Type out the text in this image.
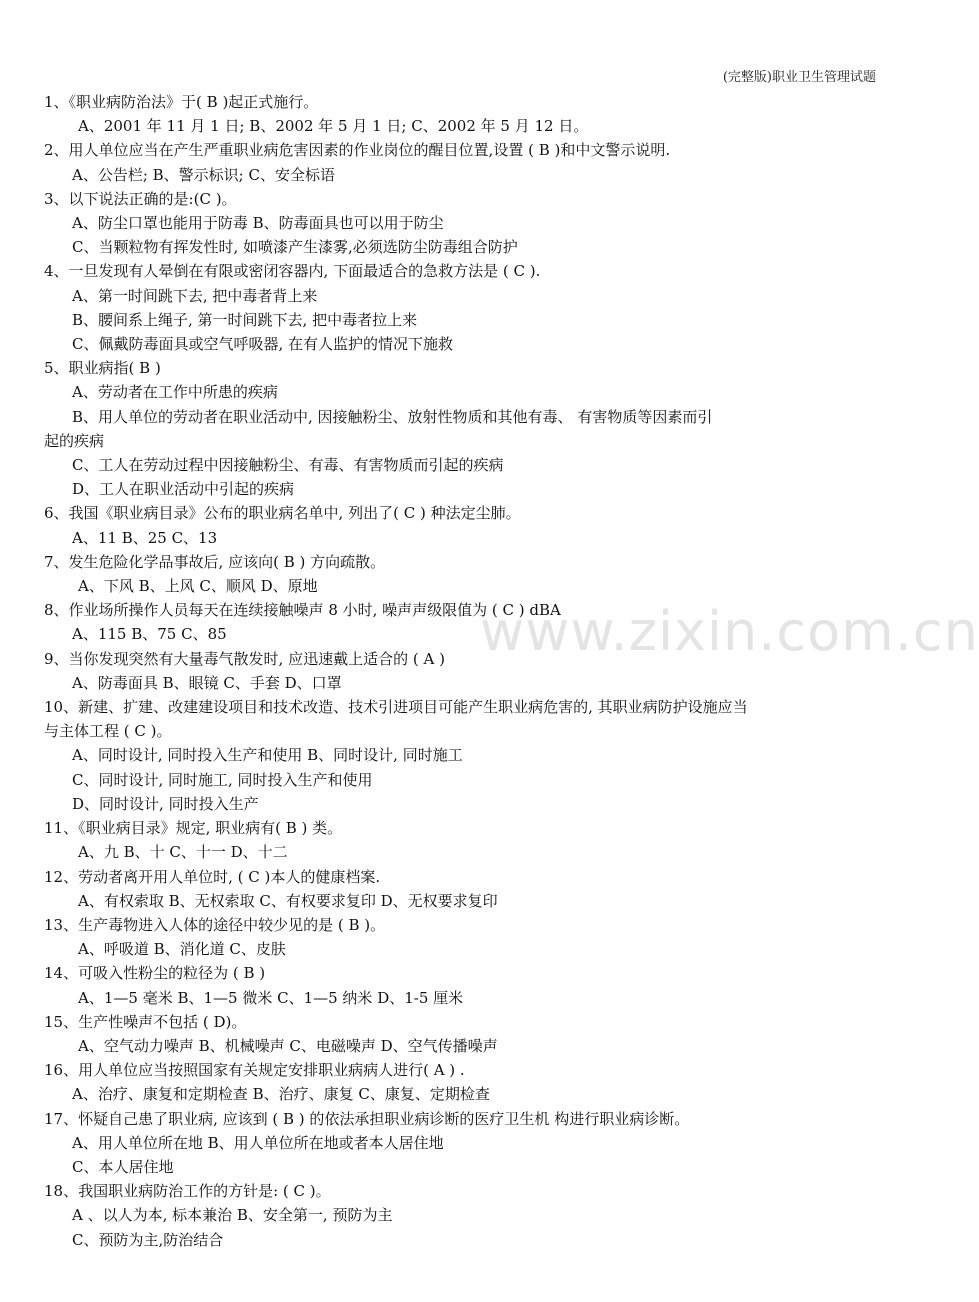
(完整版)职业卫生管理试题
www.zixin.com.cn
1、《职业病防治法》于( B )起正式施行。
A、2001 年 11 月 1 日; B、2002 年 5 月 1 日; C、2002 年 5 月 12 日。
2、用人单位应当在产生严重职业病危害因素的作业岗位的醒目位置,设置 ( B )和中文警示说明.
A、公告栏; B、警示标识; C、安全标语
3、以下说法正确的是:(C )。
A、防尘口罩也能用于防毒 B、防毒面具也可以用于防尘
C、当颗粒物有挥发性时, 如喷漆产生漆雾,必须选防尘防毒组合防护
4、一旦发现有人晕倒在有限或密闭容器内, 下面最适合的急救方法是 ( C ).
A、第一时间跳下去, 把中毒者背上来
B、腰间系上绳子, 第一时间跳下去, 把中毒者拉上来
C、佩戴防毒面具或空气呼吸器, 在有人监护的情况下施救
5、职业病指( B )
A、劳动者在工作中所患的疾病
B、用人单位的劳动者在职业活动中, 因接触粉尘、放射性物质和其他有毒、 有害物质等因素而引
起的疾病
C、工人在劳动过程中因接触粉尘、有毒、有害物质而引起的疾病
D、工人在职业活动中引起的疾病
6、我国《职业病目录》公布的职业病名单中, 列出了( C ) 种法定尘肺。
A、11 B、25 C、13
7、发生危险化学品事故后, 应该向( B ) 方向疏散。
A、下风 B、上风 C、顺风 D、原地
8、作业场所操作人员每天在连续接触噪声 8 小时, 噪声声级限值为 ( C ) dBA
A、115 B、75 C、85
9、当你发现突然有大量毒气散发时, 应迅速戴上适合的 ( A )
A、防毒面具 B、眼镜 C、手套 D、口罩
10、新建、扩建、改建建设项目和技术改造、技术引进项目可能产生职业病危害的, 其职业病防护设施应当
与主体工程 ( C )。
A、同时设计, 同时投入生产和使用 B、同时设计, 同时施工
C、同时设计, 同时施工, 同时投入生产和使用
D、同时设计, 同时投入生产
11、《职业病目录》规定, 职业病有( B ) 类。
A、九 B、十 C、十一 D、十二
12、劳动者离开用人单位时, ( C )本人的健康档案.
A、有权索取 B、无权索取 C、有权要求复印 D、无权要求复印
13、生产毒物进入人体的途径中较少见的是 ( B )。
A、呼吸道 B、消化道 C、皮肤
14、可吸入性粉尘的粒径为 ( B )
A、1—5 毫米 B、1—5 微米 C、1—5 纳米 D、1-5 厘米
15、生产性噪声不包括 ( D)。
A、空气动力噪声 B、机械噪声 C、电磁噪声 D、空气传播噪声
16、用人单位应当按照国家有关规定安排职业病病人进行( A ) .
A、治疗、康复和定期检查 B、治疗、康复 C、康复、定期检查
17、怀疑自己患了职业病, 应该到 ( B ) 的依法承担职业病诊断的医疗卫生机 构进行职业病诊断。
A、用人单位所在地 B、用人单位所在地或者本人居住地
C、本人居住地
18、我国职业病防治工作的方针是: ( C )。
A 、以人为本, 标本兼治 B、安全第一, 预防为主
C、预防为主,防治结合
